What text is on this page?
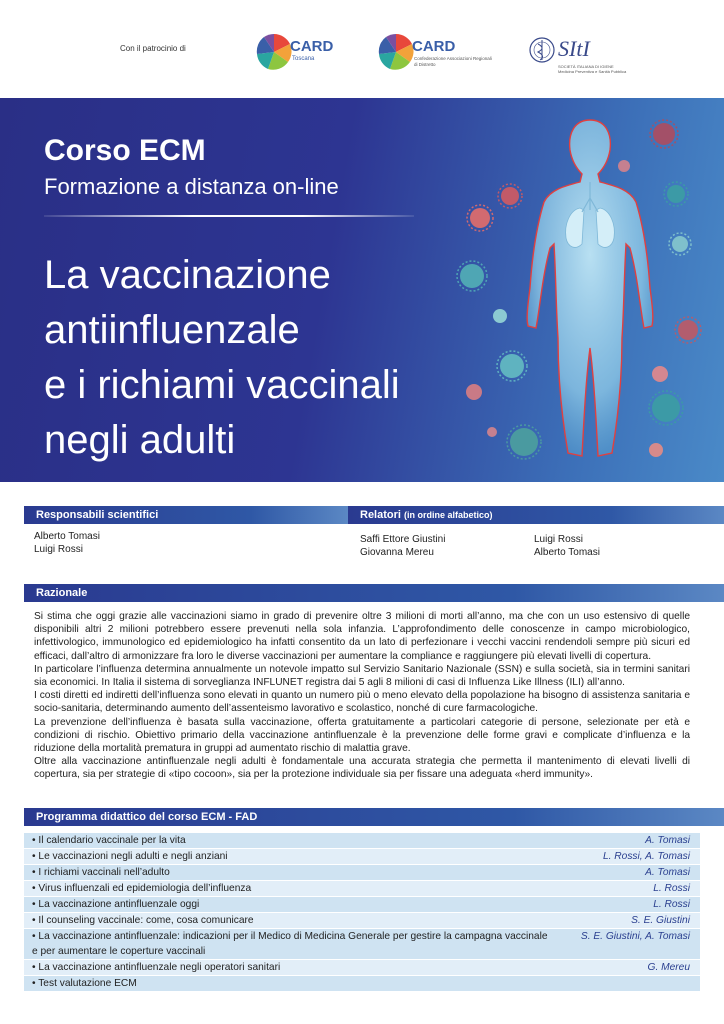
Con il patrocinio di	CARD
Toscana
CARD
Confederazione Associazioni Regionali di Distretto
SItI
SOCIETÀ ITALIANA DI IGIENE Medicina Preventiva e Sanità Pubblica
Corso ECM
Formazione a distanza on-line
La vaccinazione
antiinfluenzale
e i richiami vaccinali
negli adulti
Responsabili scientifici
Alberto Tomasi
Luigi Rossi
Relatori (in ordine alfabetico)
Saffi Ettore Giustini
Giovanna Mereu
Luigi Rossi
Alberto Tomasi
Razionale

Si stima che oggi grazie alle vaccinazioni siamo in grado di prevenire oltre 3 milioni di morti all’anno, ma che con un uso estensivo di quelle disponibili altri 2 milioni potrebbero essere prevenuti nella sola infanzia. L’approfondimento delle conoscenze in campo microbiologico, infettivologico, immunologico ed epidemiologico ha infatti consentito da un lato di perfezionare i vecchi vaccini rendendoli sempre più sicuri ed efficaci, dall’altro di armonizzare fra loro le diverse vaccinazioni per aumentare la compliance e raggiungere più elevati livelli di copertura.

In particolare l’influenza determina annualmente un notevole impatto sul Servizio Sanitario Nazionale (SSN) e sulla società, sia in termini sanitari sia economici. In Italia il sistema di sorveglianza INFLUNET registra dai 5 agli 8 milioni di casi di Influenza Like Illness (ILI) all’anno.

I costi diretti ed indiretti dell’influenza sono elevati in quanto un numero più o meno elevato della popolazione ha bisogno di assistenza sanitaria e socio-sanitaria, determinando aumento dell’assenteismo lavorativo e scolastico, nonché di cure farmacologiche.

La prevenzione dell’influenza è basata sulla vaccinazione, offerta gratuitamente a particolari categorie di persone, selezionate per età e condizioni di rischio. Obiettivo primario della vaccinazione antinfluenzale è la prevenzione delle forme gravi e complicate d’influenza e la riduzione della mortalità prematura in gruppi ad aumentato rischio di malattia grave.

Oltre alla vaccinazione antinfluenzale negli adulti è fondamentale una accurata strategia che permetta il mantenimento di elevati livelli di copertura, sia per strategie di «tipo cocoon», sia per la protezione individuale sia per fissare una adeguata «herd immunity».

Programma didattico del corso ECM - FAD
• Il calendario vaccinale per la vita	A. Tomasi
• Le vaccinazioni negli adulti e negli anziani	L. Rossi, A. Tomasi
• I richiami vaccinali nell’adulto	A. Tomasi
• Virus influenzali ed epidemiologia dell’influenza	L. Rossi
• La vaccinazione antinfluenzale oggi	L. Rossi
• Il counseling vaccinale: come, cosa comunicare	S. E. Giustini
• La vaccinazione antinfluenzale: indicazioni per il Medico di Medicina Generale per gestire la campagna vaccinale e per aumentare le coperture vaccinali
S. E. Giustini, A. Tomasi
• La vaccinazione antinfluenzale negli operatori sanitari	G. Mereu
• Test valutazione ECM
